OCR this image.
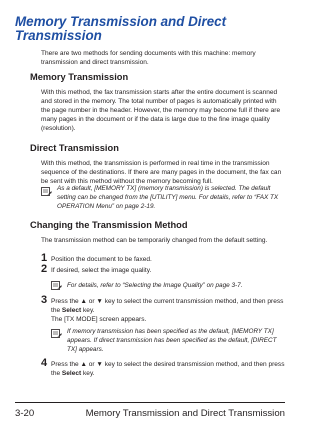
Memory Transmission and Direct Transmission

There are two methods for sending documents with this machine: memory transmission and direct transmission.

Memory Transmission

With this method, the fax transmission starts after the entire document is scanned and stored in the memory. The total number of pages is automatically printed with the page number in the header. However, the memory may become full if there are many pages in the document or if the data is large due to the fine image quality (resolution).

Direct Transmission

With this method, the transmission is performed in real time in the transmission sequence of the destinations. If there are many pages in the document, the fax can be sent with this method without the memory becoming full.

As a default, [MEMORY TX] (memory transmission) is selected. The default setting can be changed from the [UTILITY] menu. For details, refer to “FAX TX OPERATION Menu” on page 2-19.

Changing the Transmission Method

The transmission method can be temporarily changed from the default setting.

1 Position the document to be faxed.

2 If desired, select the image quality.

For details, refer to “Selecting the Image Quality” on page 3-7.

3 Press the ▲ or ▼ key to select the current transmission method, and then press the Select key.
The [TX MODE] screen appears.

If memory transmission has been specified as the default, [MEMORY TX] appears. If direct transmission has been specified as the default, [DIRECT TX] appears.

4 Press the ▲ or ▼ key to select the desired transmission method, and then press the Select key.

3-20	Memory Transmission and Direct Transmission
